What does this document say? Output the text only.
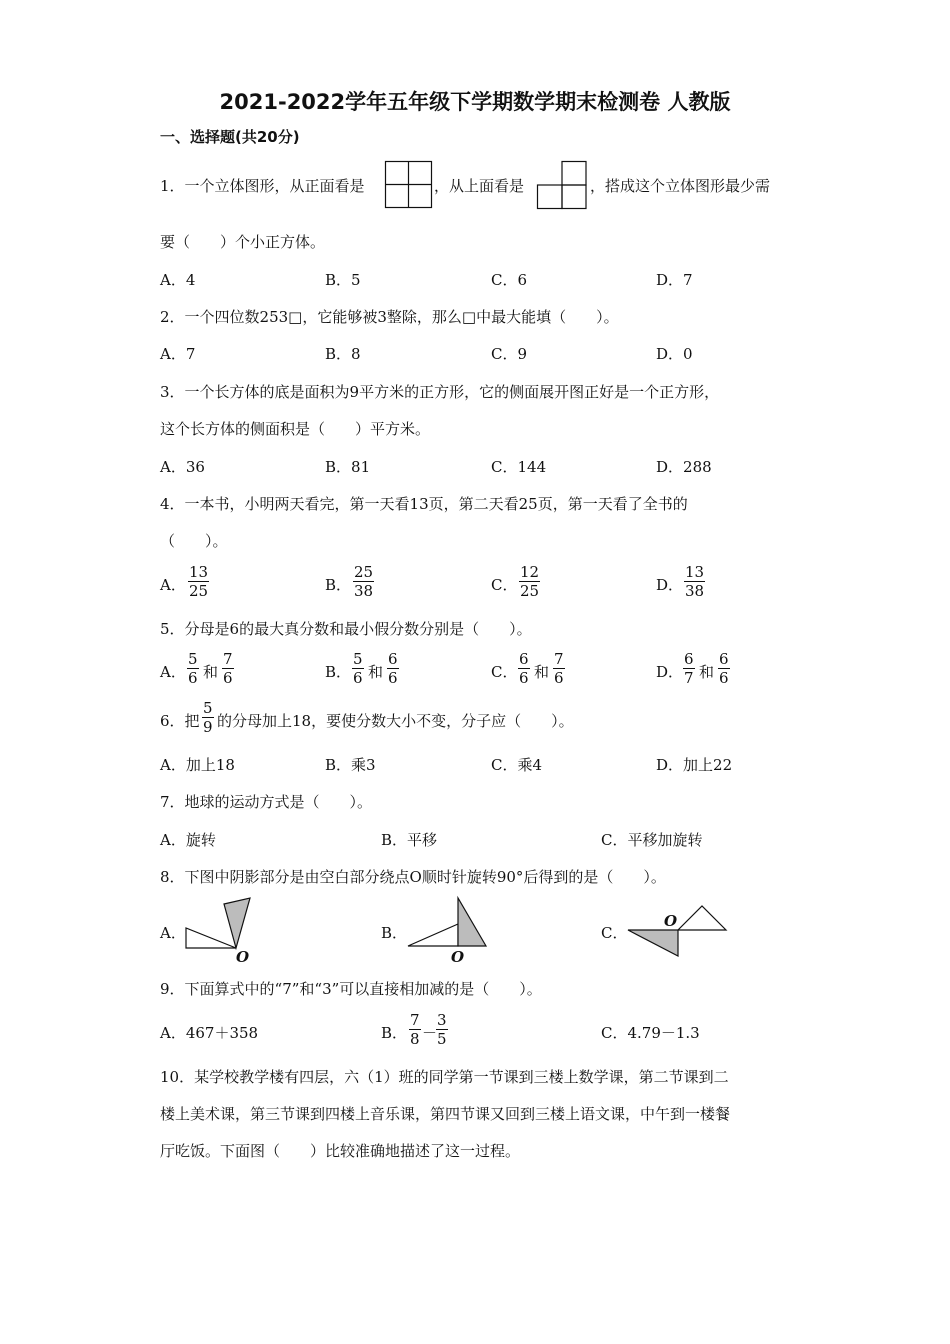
2021-2022学年五年级下学期数学期末检测卷 人教版
一、选择题(共20分)
1．一个立体图形，从正面看是	，从上面看是	，搭成这个立体图形最少需
要（　　）个小正方体。
A．4	B．5	C．6	D．7
2．一个四位数253□，它能够被3整除，那么□中最大能填（　　）。
A．7	B．8	C．9	D．0
3．一个长方体的底是面积为9平方米的正方形，它的侧面展开图正好是一个正方形，
这个长方体的侧面积是（　　）平方米。
A．36	B．81	C．144	D．288
4．一本书，小明两天看完，第一天看13页，第二天看25页，第一天看了全书的
（　　）。
A． $\frac{13}{25}$	B． $\frac{25}{38}$	C． $\frac{12}{25}$	D． $\frac{13}{38}$
5．分母是6的最大真分数和最小假分数分别是（　　）。
A． $\frac{5}{6}$ 和 $\frac{7}{6}$	B． $\frac{5}{6}$ 和 $\frac{6}{6}$	C． $\frac{6}{6}$ 和 $\frac{7}{6}$	D． $\frac{6}{7}$ 和 $\frac{6}{6}$
6．把 $\frac{5}{9}$ 的分母加上18，要使分数大小不变，分子应（　　）。
A．加上18	B．乘3	C．乘4	D．加上22
7．地球的运动方式是（　　）。
A．旋转	B．平移	C．平移加旋转
8．下图中阴影部分是由空白部分绕点O顺时针旋转90°后得到的是（　　）。
A．
O
B．
O
C．
O
9．下面算式中的“7”和“3”可以直接相加减的是（　　）。
A．467＋358	B． $\frac{7}{8}$ －
$\frac{3}{5}$	C．4.79－1.3
10．某学校教学楼有四层，六（1）班的同学第一节课到三楼上数学课，第二节课到二
楼上美术课，第三节课到四楼上音乐课，第四节课又回到三楼上语文课，中午到一楼餐
厅吃饭。下面图（　　）比较准确地描述了这一过程。
